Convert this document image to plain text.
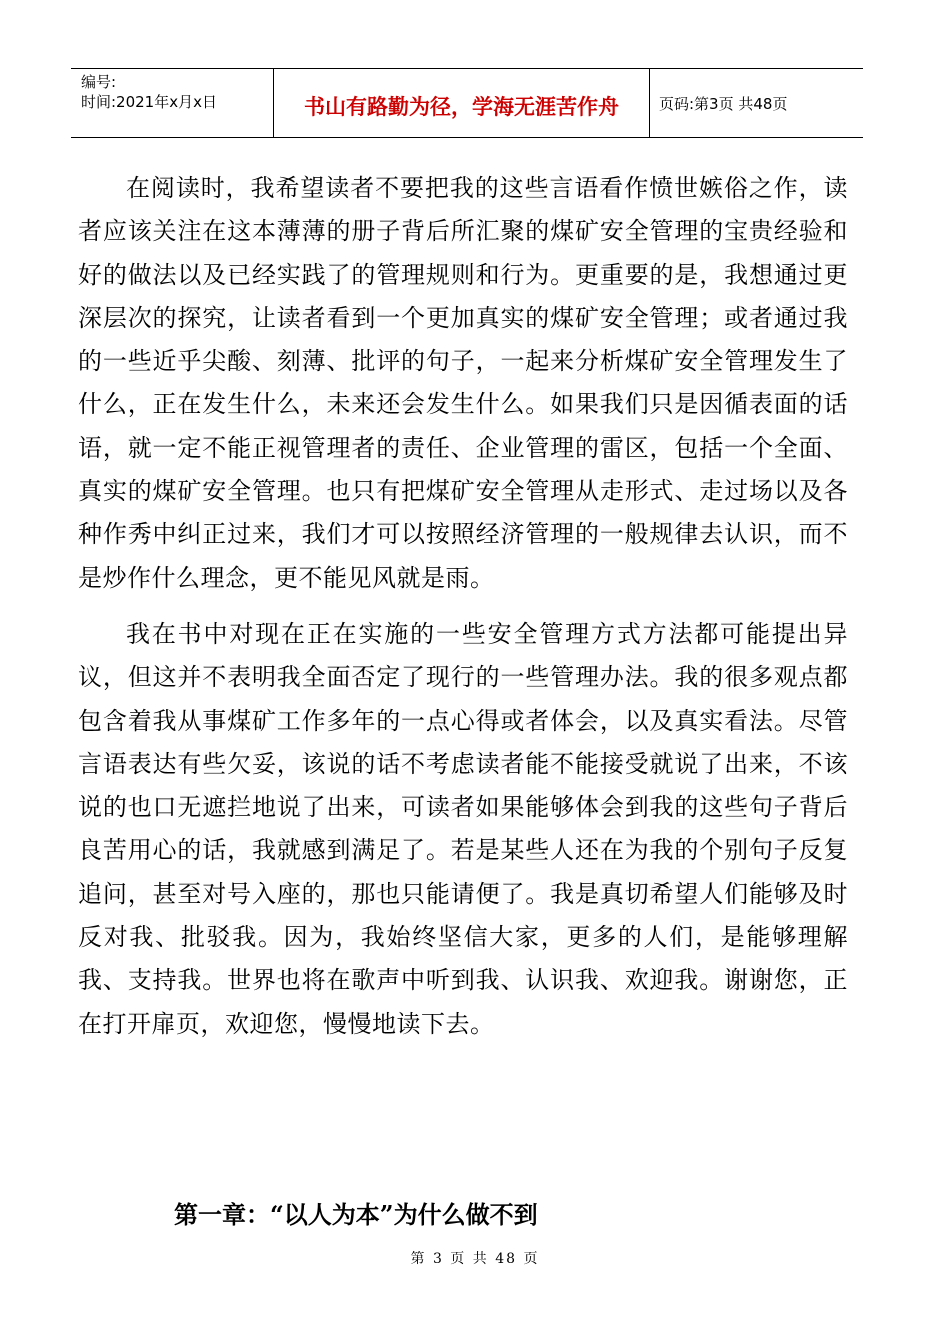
编号:
时间:2021年x月x日	书山有路勤为径，学海无涯苦作舟	页码:第3页 共48页

在阅读时，我希望读者不要把我的这些言语看作愤世嫉俗之作，读者应该关注在这本薄薄的册子背后所汇聚的煤矿安全管理的宝贵经验和好的做法以及已经实践了的管理规则和行为。更重要的是，我想通过更深层次的探究，让读者看到一个更加真实的煤矿安全管理；或者通过我的一些近乎尖酸、刻薄、批评的句子，一起来分析煤矿安全管理发生了什么，正在发生什么，未来还会发生什么。如果我们只是因循表面的话语，就一定不能正视管理者的责任、企业管理的雷区，包括一个全面、真实的煤矿安全管理。也只有把煤矿安全管理从走形式、走过场以及各种作秀中纠正过来，我们才可以按照经济管理的一般规律去认识，而不是炒作什么理念，更不能见风就是雨。

我在书中对现在正在实施的一些安全管理方式方法都可能提出异议，但这并不表明我全面否定了现行的一些管理办法。我的很多观点都包含着我从事煤矿工作多年的一点心得或者体会，以及真实看法。尽管言语表达有些欠妥，该说的话不考虑读者能不能接受就说了出来，不该说的也口无遮拦地说了出来，可读者如果能够体会到我的这些句子背后良苦用心的话，我就感到满足了。若是某些人还在为我的个别句子反复追问，甚至对号入座的，那也只能请便了。我是真切希望人们能够及时反对我、批驳我。因为，我始终坚信大家，更多的人们，是能够理解我、支持我。世界也将在歌声中听到我、认识我、欢迎我。谢谢您，正在打开扉页，欢迎您，慢慢地读下去。

第一章：“以人为本”为什么做不到
第 3 页 共 48 页
